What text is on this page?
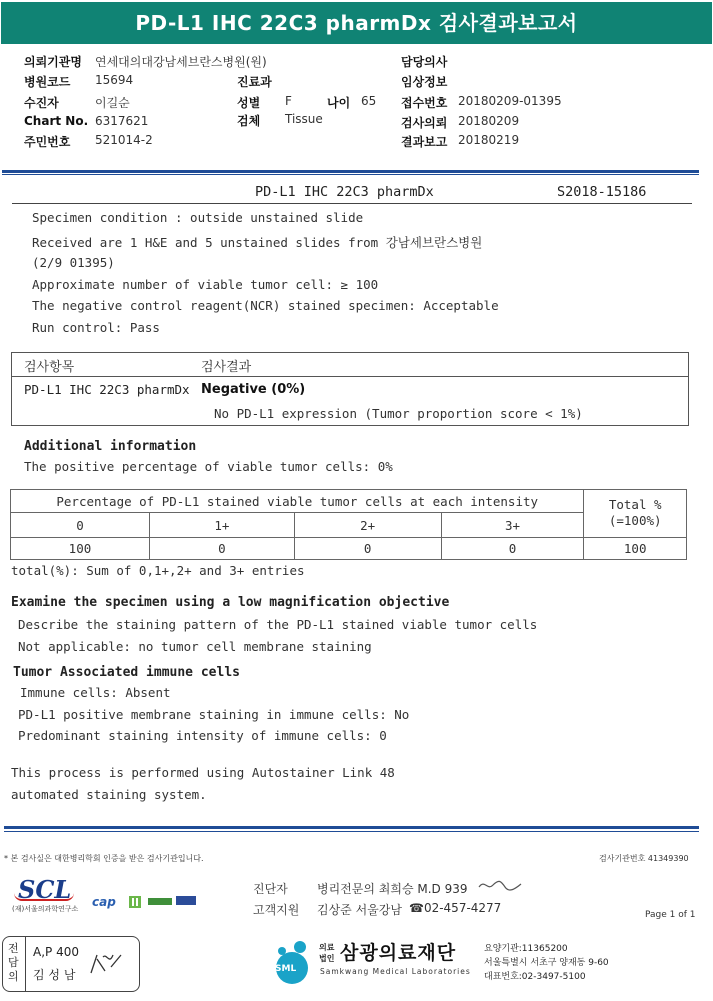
PD-L1 IHC 22C3 pharmDx 검사결과보고서
의뢰기관명 연세대의대강남세브란스병원(원)	담당의사
병원코드 15694	진료과	임상정보
수진자	이길순	성별 F	나이 65 접수번호 20180209-01395
Chart No. 6317621	검체 Tissue	검사의뢰 20180209
주민번호 521014-2	결과보고 20180219
PD-L1 IHC 22C3 pharmDx	S2018-15186
Specimen condition : outside unstained slide
Received are 1 H&E and 5 unstained slides from 강남세브란스병원
(2/9 01395)
Approximate number of viable tumor cell: ≥ 100
The negative control reagent(NCR) stained specimen: Acceptable
Run control: Pass
검사항목	검사결과
PD-L1 IHC 22C3 pharmDx Negative (0%)
No PD-L1 expression (Tumor proportion score < 1%)
Additional information
The positive percentage of viable tumor cells: 0%
Percentage of PD-L1 stained viable tumor cells at each intensity				Total %
(=100%)

0	1+	2+	3+	
100	0	0	0	100
total(%): Sum of 0,1+,2+ and 3+ entries
Examine the specimen using a low magnification objective
Describe the staining pattern of the PD-L1 stained viable tumor cells
Not applicable: no tumor cell membrane staining
Tumor Associated immune cells
Immune cells: Absent
PD-L1 positive membrane staining in immune cells: No
Predominant staining intensity of immune cells: 0
This process is performed using Autostainer Link 48
automated staining system.
* 본 검사실은 대한병리학회 인증을 받은 검사기관입니다.	검사기관번호 41349390
SCL
(재)서울의과학연구소 cap
진단자 병리전문의 최희승 M.D 939
고객지원 김상준 서울강남 ☎02-457-4277	Page 1 of 1
전담의
A,P 400
김 성 남	SML
의료
법인 삼광의료재단
Samkwang Medical Laboratories
요양기관:11365200
서울특별시 서초구 양재동 9-60
대표번호:02-3497-5100
